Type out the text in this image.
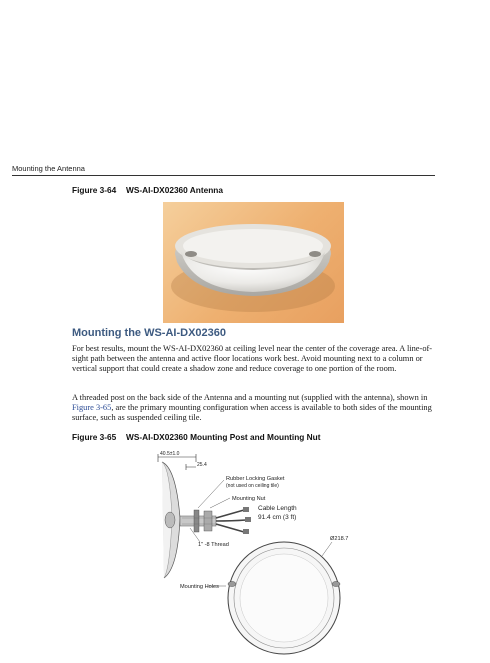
Mounting the Antenna
Figure 3-64 WS-AI-DX02360 Antenna
Mounting the WS-AI-DX02360
For best results, mount the WS-AI-DX02360 at ceiling level near the center of the coverage area. A line-of-sight path between the antenna and active floor locations work best. Avoid mounting next to a column or vertical support that could create a shadow zone and reduce coverage to one portion of the room.
A threaded post on the back side of the Antenna and a mounting nut (supplied with the antenna), shown in Figure 3-65, are the primary mounting configuration when access is available to both sides of the mounting surface, such as suspended ceiling tile.
Figure 3-65 WS-AI-DX02360 Mounting Post and Mounting Nut
40.5±1.0
25.4
Rubber Locking Gasket
(not used on ceiling tile)
Mounting Nut
Cable Length
91.4 cm (3 ft)
1" -8 Thread
Ø218.7
Mounting Holes
